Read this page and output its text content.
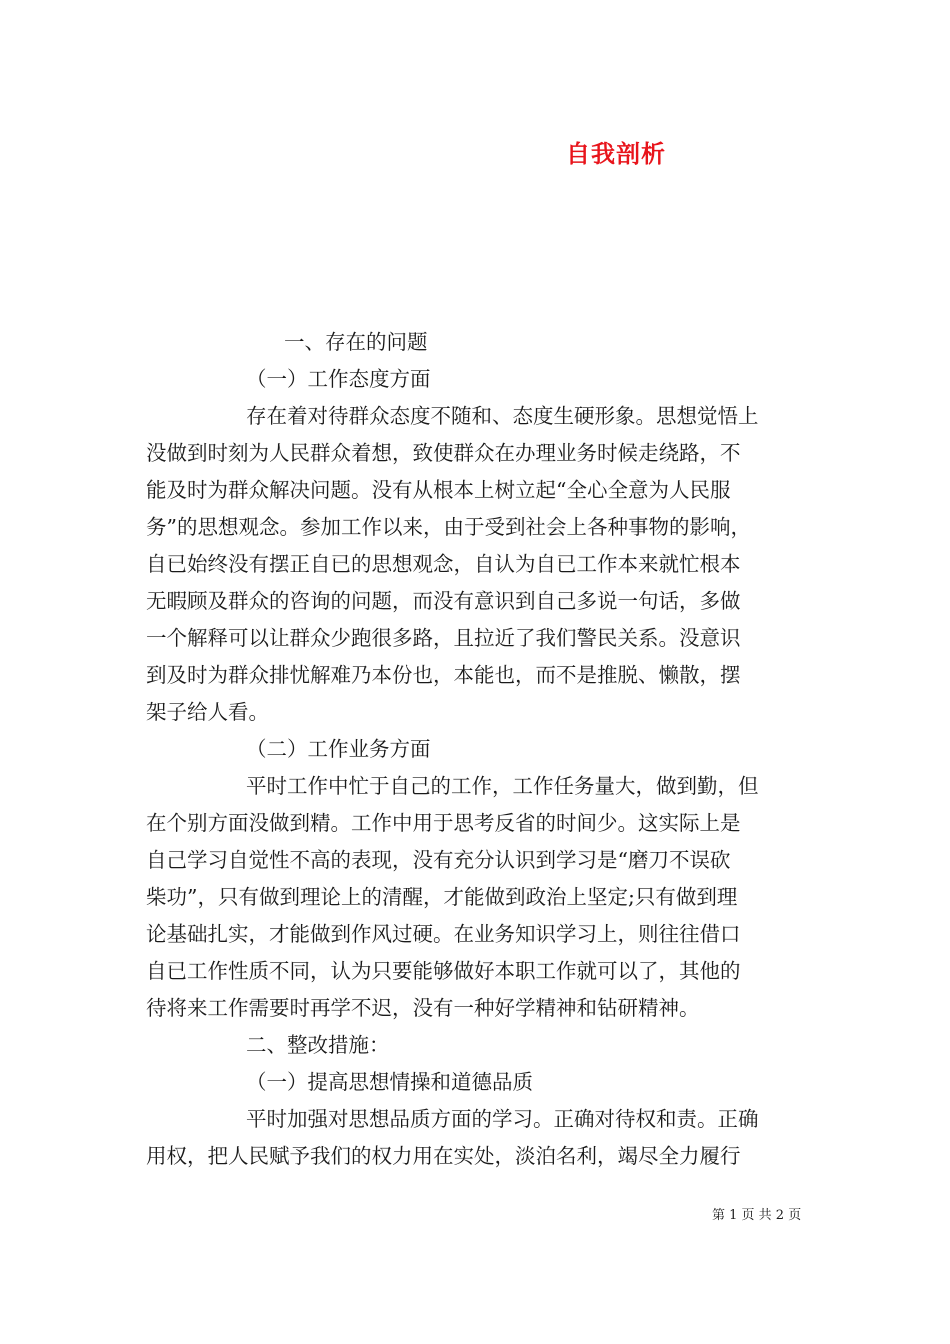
自我剖析
一、存在的问题
（一）工作态度方面
存在着对待群众态度不随和、态度生硬形象。思想觉悟上
没做到时刻为人民群众着想，致使群众在办理业务时候走绕路，不
能及时为群众解决问题。没有从根本上树立起“全心全意为人民服
务”的思想观念。参加工作以来，由于受到社会上各种事物的影响，
自已始终没有摆正自已的思想观念，自认为自已工作本来就忙根本
无暇顾及群众的咨询的问题，而没有意识到自己多说一句话，多做
一个解释可以让群众少跑很多路，且拉近了我们警民关系。没意识
到及时为群众排忧解难乃本份也，本能也，而不是推脱、懒散，摆
架子给人看。
（二）工作业务方面
平时工作中忙于自己的工作，工作任务量大，做到勤，但
在个别方面没做到精。工作中用于思考反省的时间少。这实际上是
自己学习自觉性不高的表现，没有充分认识到学习是“磨刀不误砍
柴功”，只有做到理论上的清醒，才能做到政治上坚定;只有做到理
论基础扎实，才能做到作风过硬。在业务知识学习上，则往往借口
自已工作性质不同，认为只要能够做好本职工作就可以了，其他的
待将来工作需要时再学不迟，没有一种好学精神和钻研精神。
二、整改措施：
（一）提高思想情操和道德品质
平时加强对思想品质方面的学习。正确对待权和责。正确
用权，把人民赋予我们的权力用在实处，淡泊名利，竭尽全力履行
第 1 页 共 2 页
